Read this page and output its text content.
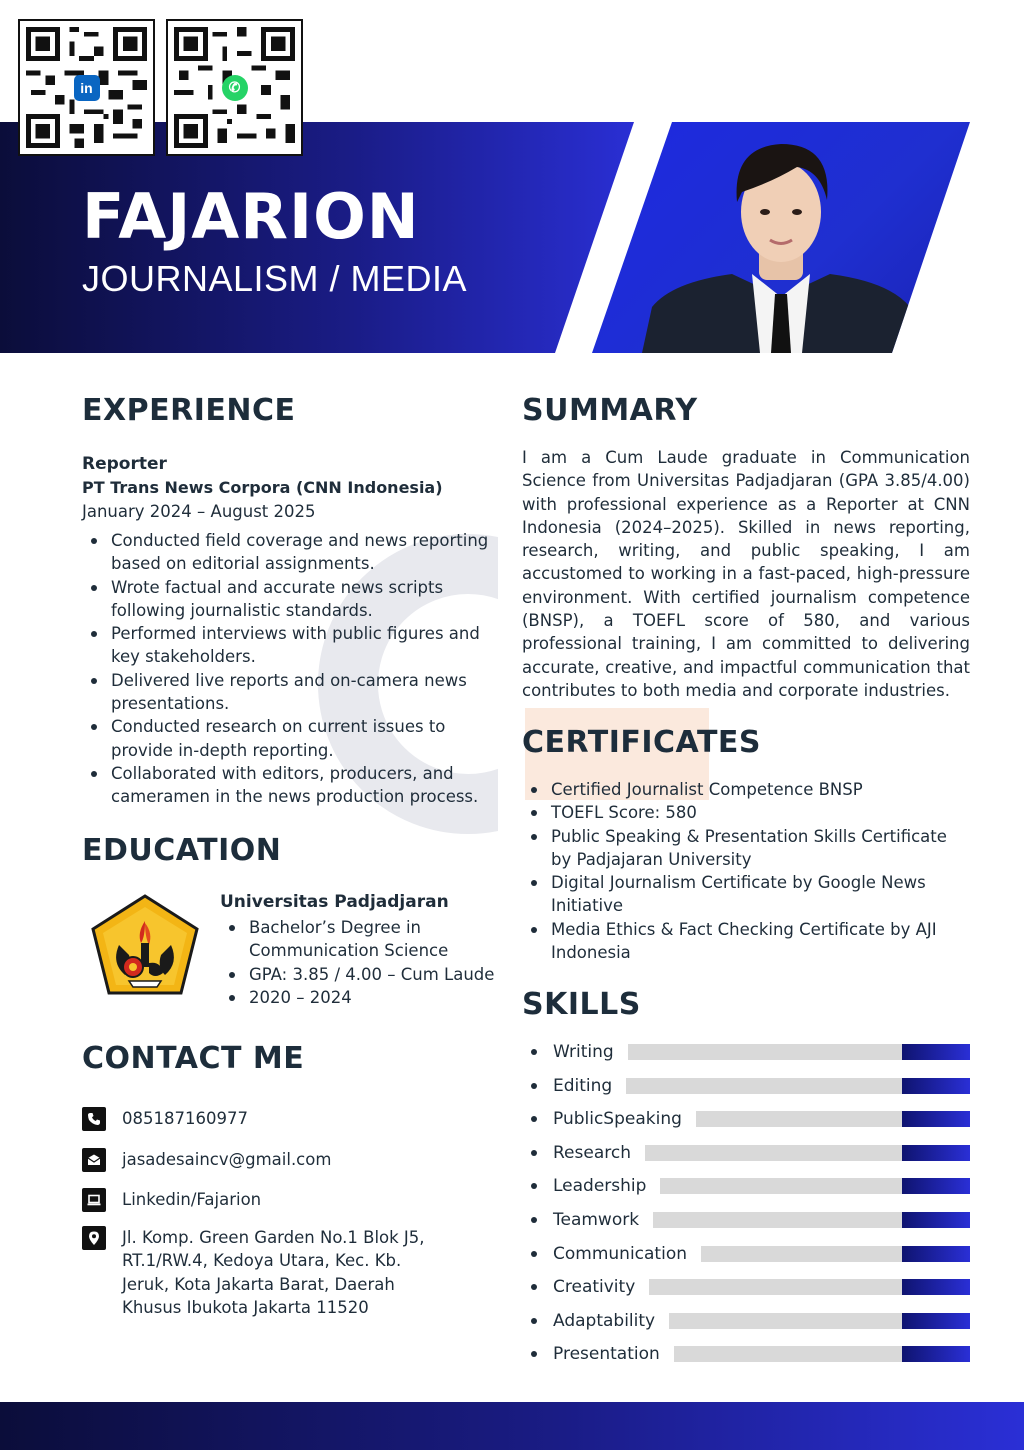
FAJARION
JOURNALISM / MEDIA
in	✆
EXPERIENCE
Reporter
PT Trans News Corpora (CNN Indonesia)
January 2024 – August 2025
Conducted field coverage and news reporting based on editorial assignments.
Wrote factual and accurate news scripts following journalistic standards.
Performed interviews with public figures and key stakeholders.
Delivered live reports and on-camera news presentations.
Conducted research on current issues to provide in-depth reporting.
Collaborated with editors, producers, and cameramen in the news production process.
SUMMARY
I am a Cum Laude graduate in Communication Science from Universitas Padjadjaran (GPA 3.85/4.00) with professional experience as a Reporter at CNN Indonesia (2024–2025). Skilled in news reporting, research, writing, and public speaking, I am accustomed to working in a fast-paced, high-pressure environment. With certified journalism competence (BNSP), a TOEFL score of 580, and various professional training, I am committed to delivering accurate, creative, and impactful communication that contributes to both media and corporate industries.
CERTIFICATES
Certified Journalist Competence BNSP
TOEFL Score: 580
Public Speaking & Presentation Skills Certificate by Padjajaran University
Digital Journalism Certificate by Google News Initiative
Media Ethics & Fact Checking Certificate by AJI Indonesia
EDUCATION
Universitas Padjadjaran
Bachelor’s Degree in Communication Science
GPA: 3.85 / 4.00 – Cum Laude
2020 – 2024
CONTACT ME
085187160977
jasadesaincv@gmail.com
Linkedin/Fajarion
Jl. Komp. Green Garden No.1 Blok J5, RT.1/RW.4, Kedoya Utara, Kec. Kb. Jeruk, Kota Jakarta Barat, Daerah Khusus Ibukota Jakarta 11520
SKILLS
Writing
Editing
PublicSpeaking
Research
Leadership
Teamwork
Communication
Creativity
Adaptability
Presentation
